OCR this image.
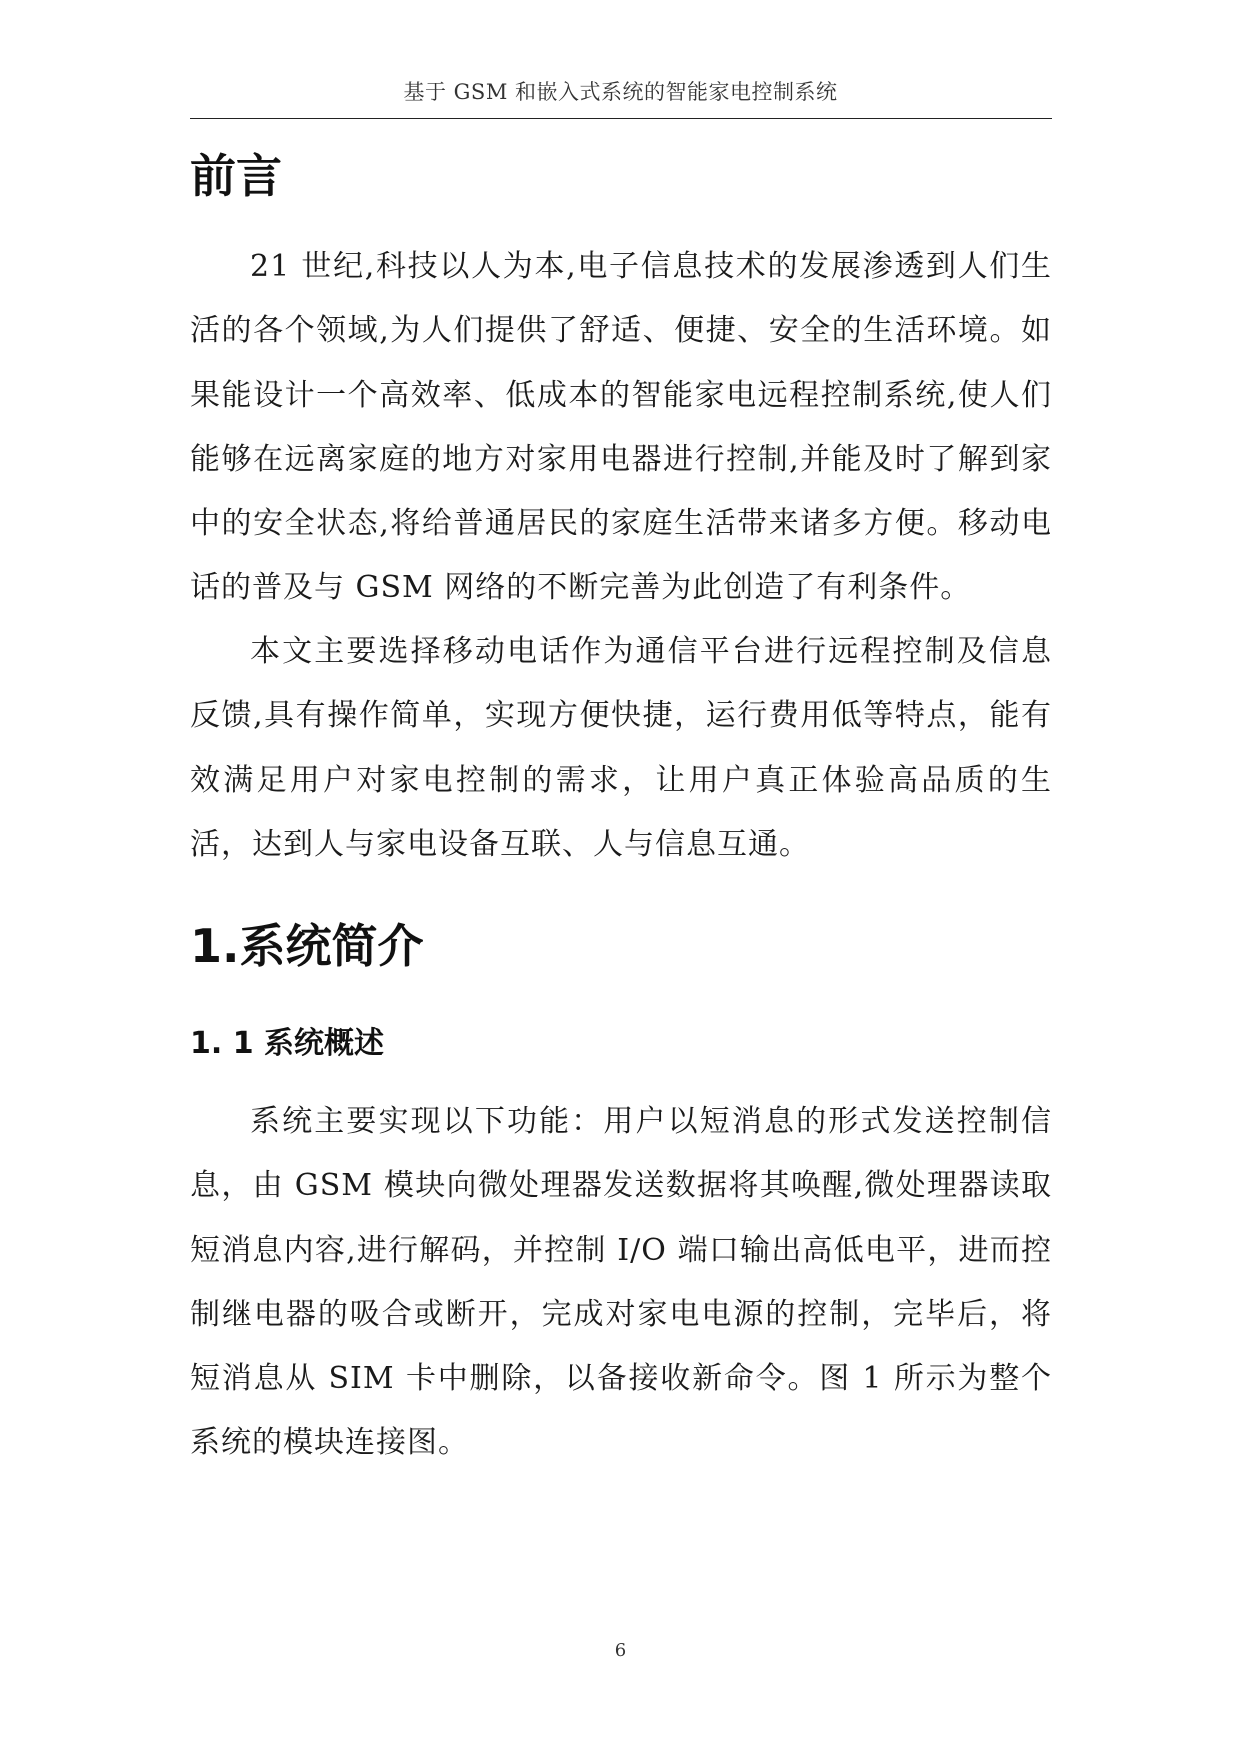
基于 GSM 和嵌入式系统的智能家电控制系统
前言

21 世纪,科技以人为本,电子信息技术的发展渗透到人们生活的各个领域,为人们提供了舒适、便捷、安全的生活环境。如果能设计一个高效率、低成本的智能家电远程控制系统,使人们能够在远离家庭的地方对家用电器进行控制,并能及时了解到家中的安全状态,将给普通居民的家庭生活带来诸多方便。移动电话的普及与 GSM 网络的不断完善为此创造了有利条件。

本文主要选择移动电话作为通信平台进行远程控制及信息反馈,具有操作简单，实现方便快捷，运行费用低等特点，能有效满足用户对家电控制的需求，让用户真正体验高品质的生活，达到人与家电设备互联、人与信息互通。

1.系统简介
1. 1 系统概述

系统主要实现以下功能：用户以短消息的形式发送控制信息，由 GSM 模块向微处理器发送数据将其唤醒,微处理器读取短消息内容,进行解码，并控制 I/O 端口输出高低电平，进而控制继电器的吸合或断开，完成对家电电源的控制，完毕后，将短消息从 SIM 卡中删除，以备接收新命令。图 1 所示为整个系统的模块连接图。

6
